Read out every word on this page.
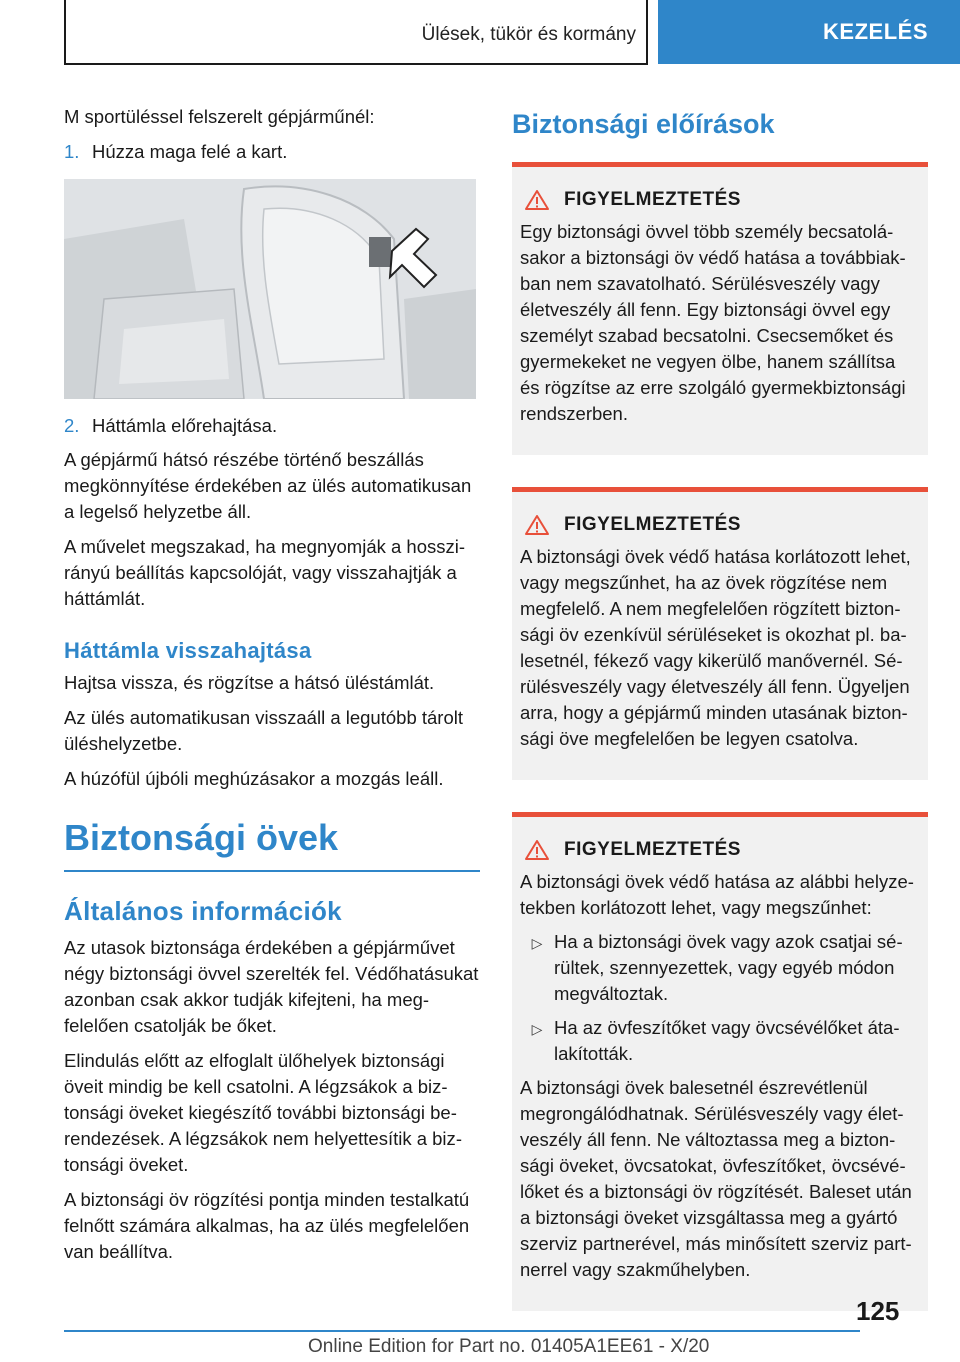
Ülések, tükör és kormány	KEZELÉS

M sportüléssel felszerelt gépjárműnél:

1. Húzza maga felé a kart.
2. Háttámla előrehajtása.

A gépjármű hátsó részébe történő beszállás megkönnyítése érdekében az ülés automatikusan a legelső helyzetbe áll.

A művelet megszakad, ha megnyomják a hosszirányú beállítás kapcsolóját, vagy visszahajtják a háttámlát.

Háttámla visszahajtása

Hajtsa vissza, és rögzítse a hátsó üléstámlát.

Az ülés automatikusan visszaáll a legutóbb tárolt üléshelyzetbe.

A húzófül újbóli meghúzásakor a mozgás leáll.

Biztonsági övek
Általános információk

Az utasok biztonsága érdekében a gépjárművet négy biztonsági övvel szerelték fel. Védőhatásukat azonban csak akkor tudják kifejteni, ha megfelelően csatolják be őket.

Elindulás előtt az elfoglalt ülőhelyek biztonsági öveit mindig be kell csatolni. A légzsákok a biztonsági öveket kiegészítő további biztonsági berendezések. A légzsákok nem helyettesítik a biztonsági öveket.

A biztonsági öv rögzítési pontja minden testalkatú felnőtt számára alkalmas, ha az ülés megfelelően van beállítva.

Biztonsági előírások
FIGYELMEZTETÉS

Egy biztonsági övvel több személy becsatolásakor a biztonsági öv védő hatása a továbbiakban nem szavatolható. Sérülésveszély vagy életveszély áll fenn. Egy biztonsági övvel egy személyt szabad becsatolni. Csecsemőket és gyermekeket ne vegyen ölbe, hanem szállítsa és rögzítse az erre szolgáló gyermekbiztonsági rendszerben.

FIGYELMEZTETÉS

A biztonsági övek védő hatása korlátozott lehet, vagy megszűnhet, ha az övek rögzítése nem megfelelő. A nem megfelelően rögzített biztonsági öv ezenkívül sérüléseket is okozhat pl. balesetnél, fékező vagy kikerülő manővernél. Sérülésveszély vagy életveszély áll fenn. Ügyeljen arra, hogy a gépjármű minden utasának biztonsági öve megfelelően be legyen csatolva.

FIGYELMEZTETÉS

A biztonsági övek védő hatása az alábbi helyzetekben korlátozott lehet, vagy megszűnhet:

▷ Ha a biztonsági övek vagy azok csatjai sérültek, szennyezettek, vagy egyéb módon megváltoztak.
▷ Ha az övfeszítőket vagy övcsévélőket átalakították.

A biztonsági övek balesetnél észrevétlenül megrongálódhatnak. Sérülésveszély vagy életveszély áll fenn. Ne változtassa meg a biztonsági öveket, övcsatokat, övfeszítőket, övcsévélőket és a biztonsági öv rögzítését. Baleset után a biztonsági öveket vizsgáltassa meg a gyártó szerviz partnerével, más minősített szerviz partnerrel vagy szakműhelyben.

125
Online Edition for Part no. 01405A1EE61 - X/20
